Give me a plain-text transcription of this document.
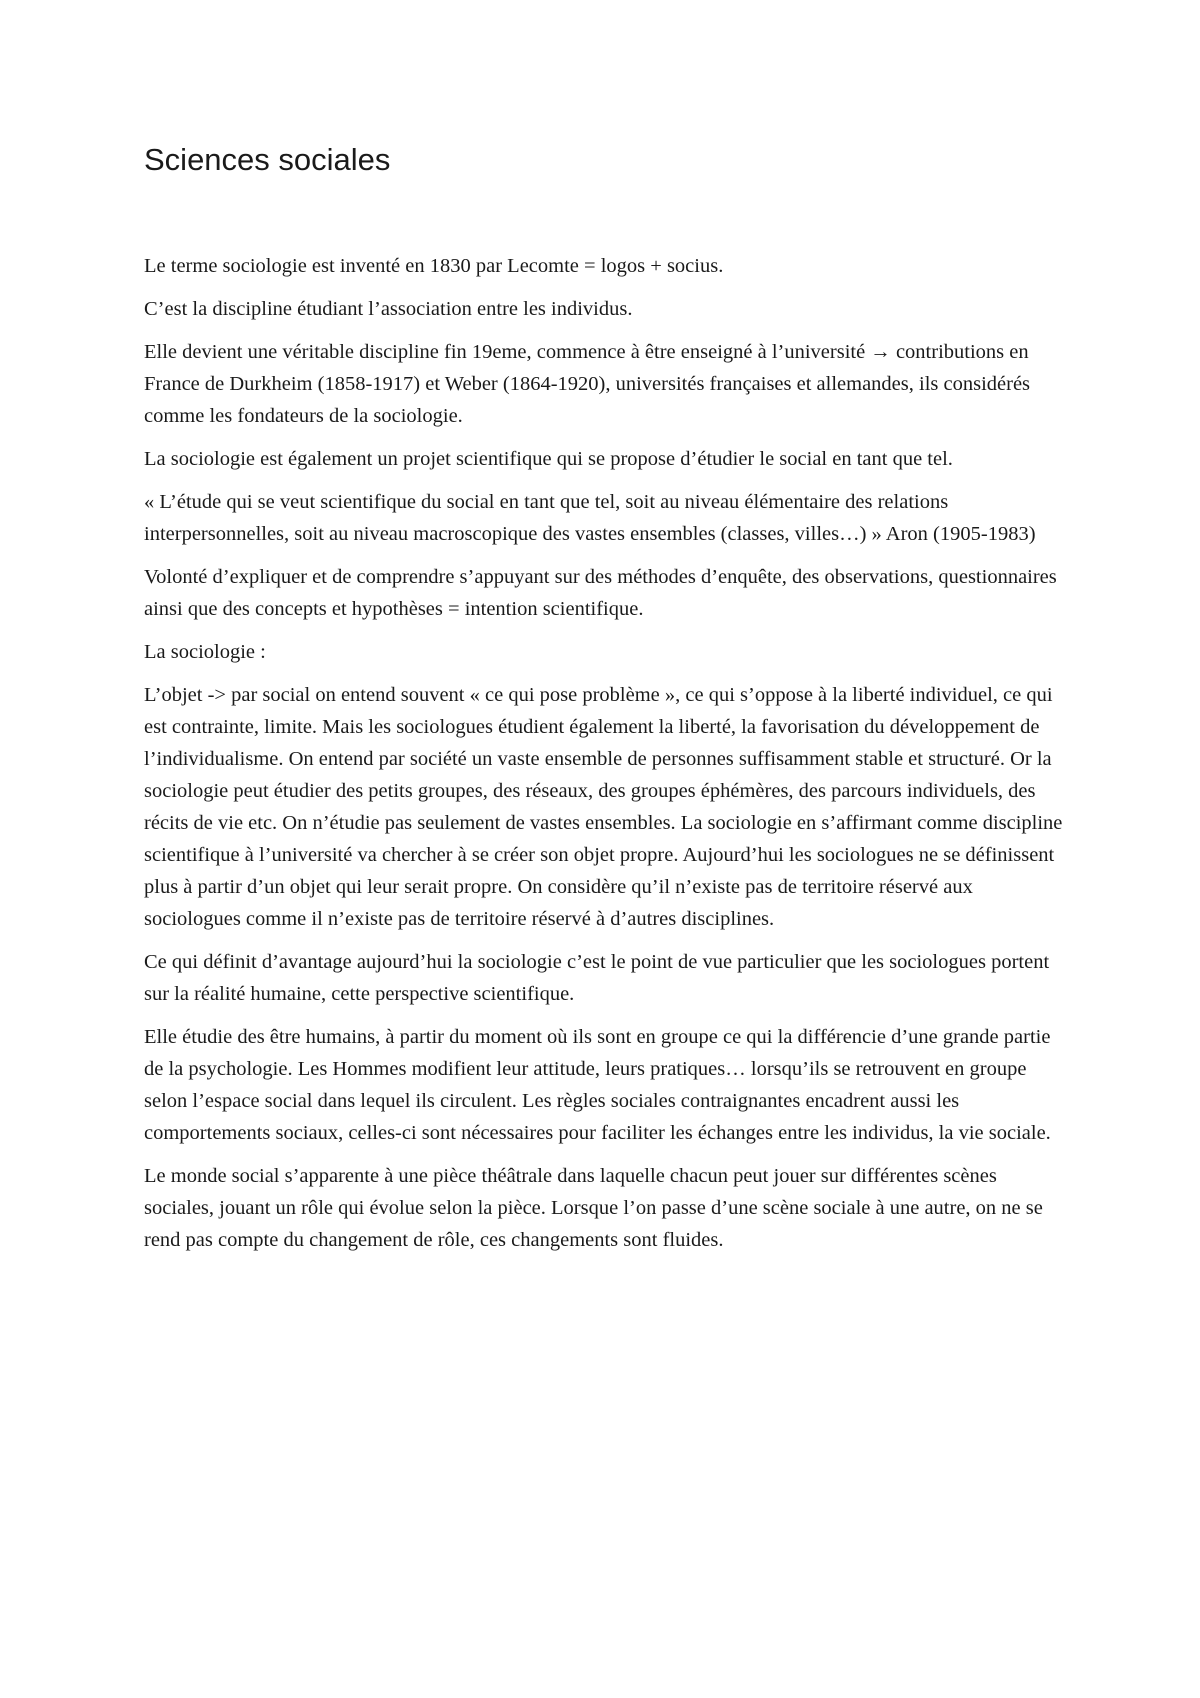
Sciences sociales

Le terme sociologie est inventé en 1830 par Lecomte = logos + socius.

C’est la discipline étudiant l’association entre les individus.

Elle devient une véritable discipline fin 19eme, commence à être enseigné à l’université → contributions en France de Durkheim (1858-1917) et Weber (1864-1920), universités françaises et allemandes, ils considérés comme les fondateurs de la sociologie.

La sociologie est également un projet scientifique qui se propose d’étudier le social en tant que tel.

« L’étude qui se veut scientifique du social en tant que tel, soit au niveau élémentaire des relations interpersonnelles, soit au niveau macroscopique des vastes ensembles (classes, villes…) » Aron (1905-1983)

Volonté d’expliquer et de comprendre s’appuyant sur des méthodes d’enquête, des observations, questionnaires ainsi que des concepts et hypothèses = intention scientifique.

La sociologie :

L’objet -> par social on entend souvent « ce qui pose problème », ce qui s’oppose à la liberté individuel, ce qui est contrainte, limite. Mais les sociologues étudient également la liberté, la favorisation du développement de l’individualisme. On entend par société un vaste ensemble de personnes suffisamment stable et structuré. Or la sociologie peut étudier des petits groupes, des réseaux, des groupes éphémères, des parcours individuels, des récits de vie etc. On n’étudie pas seulement de vastes ensembles. La sociologie en s’affirmant comme discipline scientifique à l’université va chercher à se créer son objet propre. Aujourd’hui les sociologues ne se définissent plus à partir d’un objet qui leur serait propre. On considère qu’il n’existe pas de territoire réservé aux sociologues comme il n’existe pas de territoire réservé à d’autres disciplines.

Ce qui définit d’avantage aujourd’hui la sociologie c’est le point de vue particulier que les sociologues portent sur la réalité humaine, cette perspective scientifique.

Elle étudie des être humains, à partir du moment où ils sont en groupe ce qui la différencie d’une grande partie de la psychologie. Les Hommes modifient leur attitude, leurs pratiques… lorsqu’ils se retrouvent en groupe selon l’espace social dans lequel ils circulent. Les règles sociales contraignantes encadrent aussi les comportements sociaux, celles-ci sont nécessaires pour faciliter les échanges entre les individus, la vie sociale.

Le monde social s’apparente à une pièce théâtrale dans laquelle chacun peut jouer sur différentes scènes sociales, jouant un rôle qui évolue selon la pièce. Lorsque l’on passe d’une scène sociale à une autre, on ne se rend pas compte du changement de rôle, ces changements sont fluides.
